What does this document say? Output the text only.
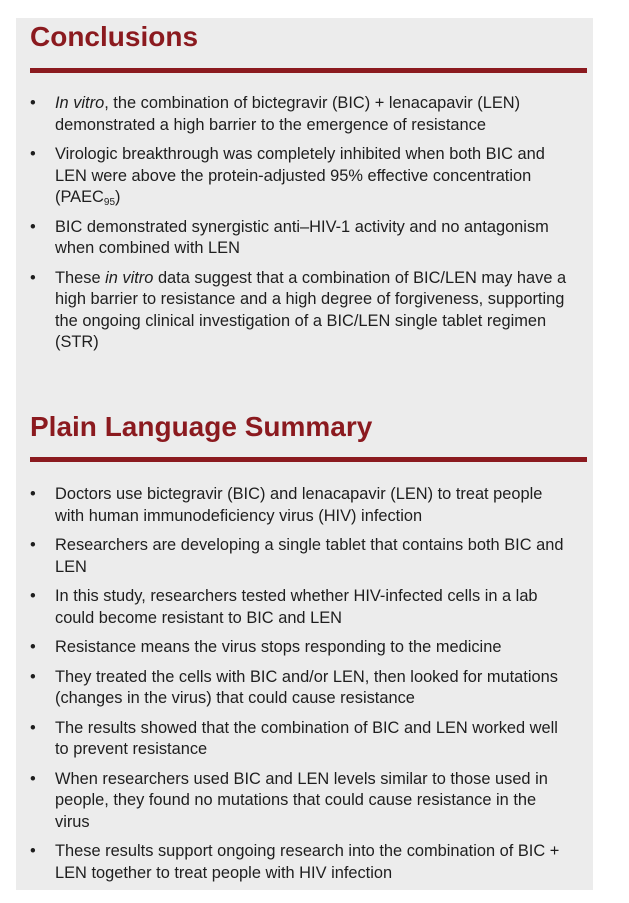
Conclusions
• In vitro, the combination of bictegravir (BIC) + lenacapavir (LEN) demonstrated a high barrier to the emergence of resistance
• Virologic breakthrough was completely inhibited when both BIC and LEN were above the protein-adjusted 95% effective concentration $(PAEC_{95})$
• BIC demonstrated synergistic anti–HIV-1 activity and no antagonism when combined with LEN
• These in vitro data suggest that a combination of BIC/LEN may have a high barrier to resistance and a high degree of forgiveness, supporting the ongoing clinical investigation of a BIC/LEN single tablet regimen (STR)
Plain Language Summary
• Doctors use bictegravir (BIC) and lenacapavir (LEN) to treat people with human immunodeficiency virus (HIV) infection
• Researchers are developing a single tablet that contains both BIC and LEN
• In this study, researchers tested whether HIV-infected cells in a lab could become resistant to BIC and LEN
• Resistance means the virus stops responding to the medicine
• They treated the cells with BIC and/or LEN, then looked for mutations (changes in the virus) that could cause resistance
• The results showed that the combination of BIC and LEN worked well to prevent resistance
• When researchers used BIC and LEN levels similar to those used in people, they found no mutations that could cause resistance in the virus
• These results support ongoing research into the combination of BIC + LEN together to treat people with HIV infection
